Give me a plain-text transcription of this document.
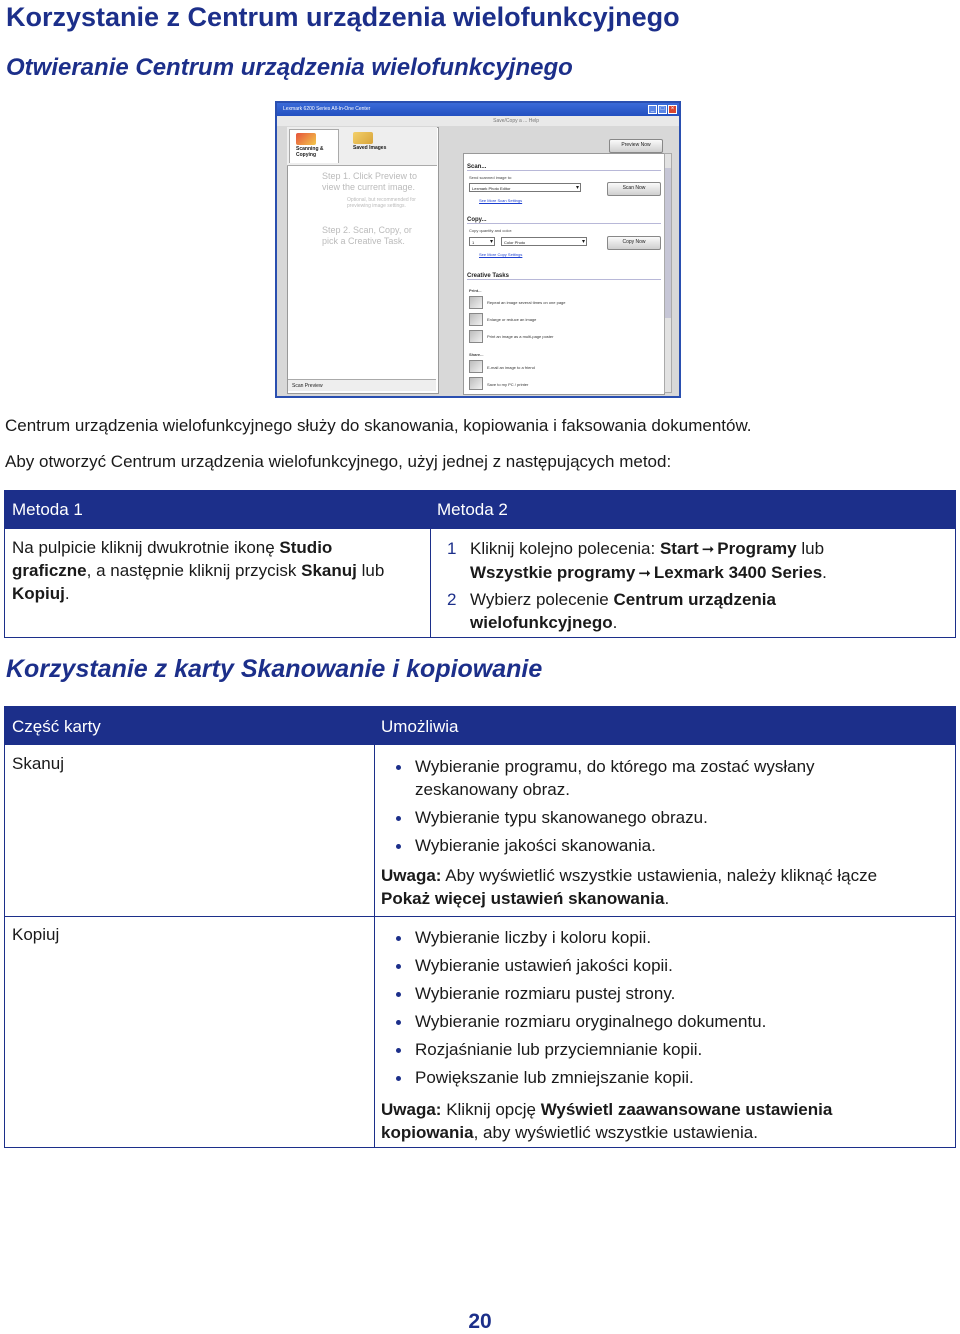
Korzystanie z Centrum urządzenia wielofunkcyjnego
Otwieranie Centrum urządzenia wielofunkcyjnego
Lexmark 6200 Series All-In-One Center	_	□	×
Save/Copy a ... Help
Scanning & Copying
Saved Images	Preview Now
Step 1. Click Preview to
view the current image.
Optional, but recommended for
previewing image settings.
Step 2. Scan, Copy, or
pick a Creative Task.
Scan Preview
Scan...
Send scanned image to:
Lexmark Photo Editor ▾	Scan Now
See More Scan Settings
Copy...
Copy quantity and color:
1 ▾	Color Photo ▾	Copy Now
See More Copy Settings
Creative Tasks
Print...
Repeat an image several times on one page
Enlarge or reduce an image
Print an image as a multi-page poster
Share...
E-mail an image to a friend
Save to my PC / printer

Centrum urządzenia wielofunkcyjnego służy do skanowania, kopiowania i faksowania dokumentów.

Aby otworzyć Centrum urządzenia wielofunkcyjnego, użyj jednej z następujących metod:

Metoda 1	Metoda 2

Na pulpicie kliknij dwukrotnie ikonę Studio
graficzne, a następnie kliknij przycisk Skanuj lub
Kopiuj.

1 Kliknij kolejno polecenia: Start ➞ Programy lub
Wszystkie programy ➞ Lexmark 3400 Series.

2 Wybierz polecenie Centrum urządzenia
wielofunkcyjnego.

Korzystanie z karty Skanowanie i kopiowanie
Część karty	Umożliwia
Skanuj	Wybieranie programu, do którego ma zostać wysłany
zeskanowany obraz.
Wybieranie typu skanowanego obrazu.
Wybieranie jakości skanowania.

Uwaga: Aby wyświetlić wszystkie ustawienia, należy kliknąć łącze
Pokaż więcej ustawień skanowania.

Kopiuj	Wybieranie liczby i koloru kopii.
Wybieranie ustawień jakości kopii.
Wybieranie rozmiaru pustej strony.
Wybieranie rozmiaru oryginalnego dokumentu.
Rozjaśnianie lub przyciemnianie kopii.
Powiększanie lub zmniejszanie kopii.

Uwaga: Kliknij opcję Wyświetl zaawansowane ustawienia
kopiowania, aby wyświetlić wszystkie ustawienia.

20
